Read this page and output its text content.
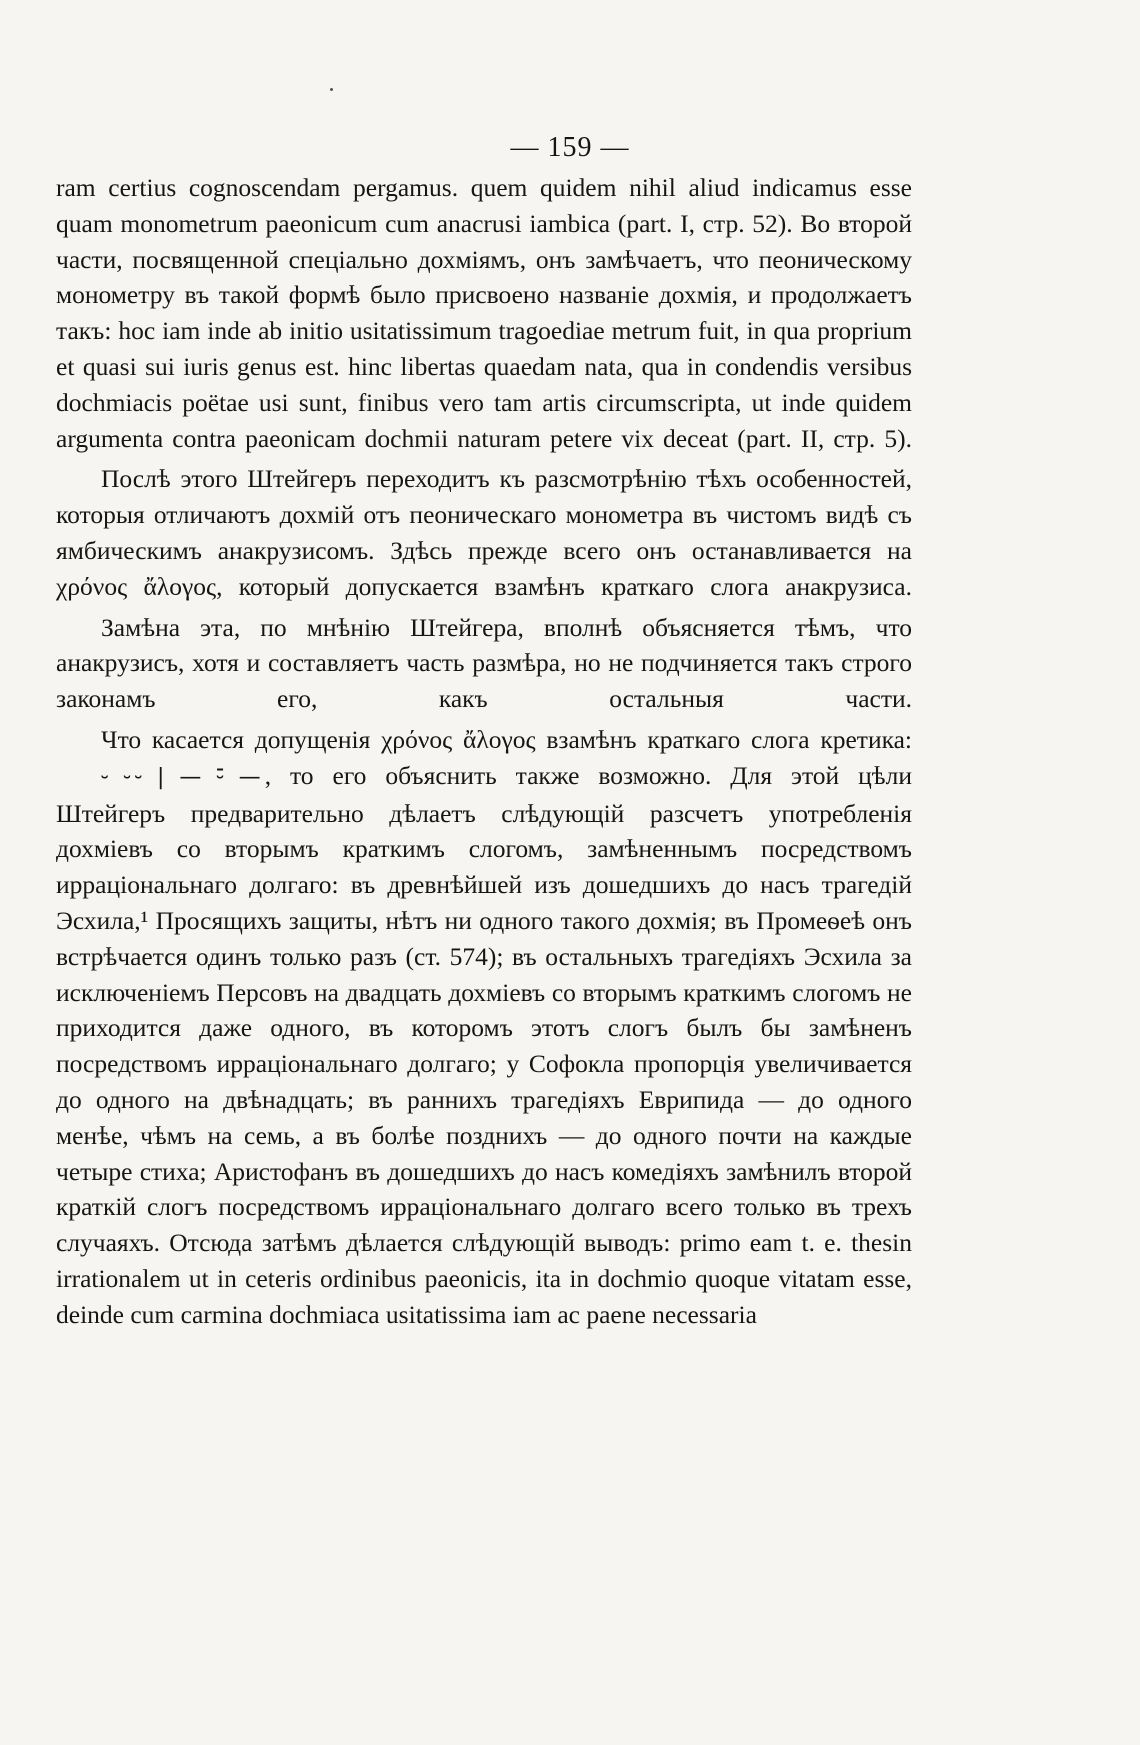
— 159 —

ram certius cognoscendam pergamus. quem quidem nihil aliud indicamus esse quam monometrum paeonicum cum anacrusi iambica (part. I, стр. 52). Во второй части, посвященной спеціально дохміямъ, онъ замѣчаетъ, что пеоническому монометру въ такой формѣ было присвоено названіе дохмія, и продолжаетъ такъ: hoc iam inde ab initio usitatissimum tragoediae metrum fuit, in qua proprium et quasi sui iuris genus est. hinc libertas quaedam nata, qua in condendis versibus dochmiacis poëtae usi sunt, finibus vero tam artis circumscripta, ut inde quidem argumenta contra paeonicam dochmii naturam petere vix deceat (part. II, стр. 5).

Послѣ этого Штейгеръ переходитъ къ разсмотрѣнію тѣхъ особенностей, которыя отличаютъ дохмій отъ пеоническаго монометра въ чистомъ видѣ съ ямбическимъ анакрузисомъ. Здѣсь прежде всего онъ останавливается на χρόνος ἄλογος, который допускается взамѣнъ краткаго слога анакрузиса.

Замѣна эта, по мнѣнію Штейгера, вполнѣ объясняется тѣмъ, что анакрузисъ, хотя и составляетъ часть размѣра, но не подчиняется такъ строго законамъ его, какъ остальныя части.

Что касается допущенія χρόνος ἄλογος взамѣнъ краткаго слога кретика: ⏑ ⏑⏑ | — ⏑̄ —, то его объяснить также возможно. Для этой цѣли Штейгеръ предварительно дѣлаетъ слѣдующій разсчетъ употребленія дохміевъ со вторымъ краткимъ слогомъ, замѣненнымъ посредствомъ ирраціональнаго долгаго: въ древнѣйшей изъ дошедшихъ до насъ трагедій Эсхила,¹ Просящихъ защиты, нѣтъ ни одного такого дохмія; въ Промеѳеѣ онъ встрѣчается одинъ только разъ (ст. 574); въ остальныхъ трагедіяхъ Эсхила за исключеніемъ Персовъ на двадцать дохміевъ со вторымъ краткимъ слогомъ не приходится даже одного, въ которомъ этотъ слогъ былъ бы замѣненъ посредствомъ ирраціональнаго долгаго; у Софокла пропорція увеличивается до одного на двѣнадцать; въ раннихъ трагедіяхъ Еврипида — до одного менѣе, чѣмъ на семь, а въ болѣе позднихъ — до одного почти на каждые четыре стиха; Аристофанъ въ дошедшихъ до насъ комедіяхъ замѣнилъ второй краткій слогъ посредствомъ ирраціональнаго долгаго всего только въ трехъ случаяхъ. Отсюда затѣмъ дѣлается слѣдующій выводъ: primo eam t. e. thesin irrationalem ut in ceteris ordinibus paeonicis, ita in dochmio quoque vitatam esse, deinde cum carmina dochmiaca usitatissima iam ac paene necessaria
